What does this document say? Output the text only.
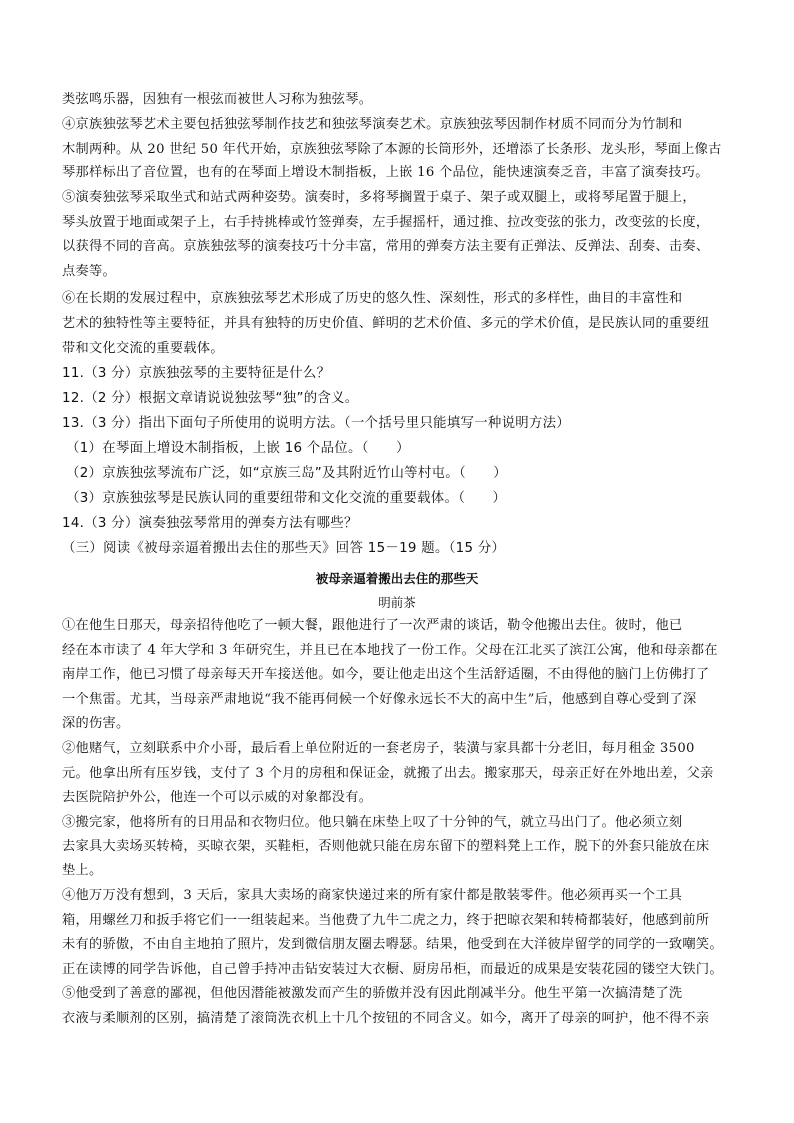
类弦鸣乐器，因独有一根弦而被世人习称为独弦琴。
④京族独弦琴艺术主要包括独弦琴制作技艺和独弦琴演奏艺术。京族独弦琴因制作材质不同而分为竹制和
木制两种。从 20 世纪 50 年代开始，京族独弦琴除了本源的长筒形外，还增添了长条形、龙头形，琴面上像古
琴那样标出了音位置，也有的在琴面上增设木制指板，上嵌 16 个品位，能快速演奏乏音，丰富了演奏技巧。
⑤演奏独弦琴采取坐式和站式两种姿势。演奏时，多将琴搁置于桌子、架子或双腿上，或将琴尾置于腿上，
琴头放置于地面或架子上，右手持挑棒或竹签弹奏，左手握摇杆，通过推、拉改变弦的张力，改变弦的长度，
以获得不同的音高。京族独弦琴的演奏技巧十分丰富，常用的弹奏方法主要有正弹法、反弹法、刮奏、击奏、
点奏等。
⑥在长期的发展过程中，京族独弦琴艺术形成了历史的悠久性、深刻性，形式的多样性，曲目的丰富性和
艺术的独特性等主要特征，并具有独特的历史价值、鲜明的艺术价值、多元的学术价值，是民族认同的重要纽
带和文化交流的重要载体。
11.（3 分）京族独弦琴的主要特征是什么？
12.（2 分）根据文章请说说独弦琴“独”的含义。
13.（3 分）指出下面句子所使用的说明方法。（一个括号里只能填写一种说明方法）
（1）在琴面上增设木制指板，上嵌 16 个品位。（　　）
（2）京族独弦琴流布广泛，如“京族三岛”及其附近竹山等村屯。（　　）
（3）京族独弦琴是民族认同的重要纽带和文化交流的重要载体。（　　）
14.（3 分）演奏独弦琴常用的弹奏方法有哪些？
（三）阅读《被母亲逼着搬出去住的那些天》回答 15－19 题。（15 分）
被母亲逼着搬出去住的那些天
明前茶
①在他生日那天，母亲招待他吃了一顿大餐，跟他进行了一次严肃的谈话，勒令他搬出去住。彼时，他已
经在本市读了 4 年大学和 3 年研究生，并且已在本地找了一份工作。父母在江北买了滨江公寓，他和母亲都在
南岸工作，他已习惯了母亲每天开车接送他。如今，要让他走出这个生活舒适圈，不由得他的脑门上仿佛打了
一个焦雷。尤其，当母亲严肃地说“我不能再伺候一个好像永远长不大的高中生”后，他感到自尊心受到了深
深的伤害。
②他赌气，立刻联系中介小哥，最后看上单位附近的一套老房子，装潢与家具都十分老旧，每月租金 3500
元。他拿出所有压岁钱，支付了 3 个月的房租和保证金，就搬了出去。搬家那天，母亲正好在外地出差，父亲
去医院陪护外公，他连一个可以示威的对象都没有。
③搬完家，他将所有的日用品和衣物归位。他只躺在床垫上叹了十分钟的气，就立马出门了。他必须立刻
去家具大卖场买转椅，买晾衣架，买鞋柜，否则他就只能在房东留下的塑料凳上工作，脱下的外套只能放在床
垫上。
④他万万没有想到，3 天后，家具大卖场的商家快递过来的所有家什都是散装零件。他必须再买一个工具
箱，用螺丝刀和扳手将它们一一组装起来。当他费了九牛二虎之力，终于把晾衣架和转椅都装好，他感到前所
未有的骄傲，不由自主地拍了照片，发到微信朋友圈去嘚瑟。结果，他受到在大洋彼岸留学的同学的一致嘲笑。
正在读博的同学告诉他，自己曾手持冲击钻安装过大衣橱、厨房吊柜，而最近的成果是安装花园的镂空大铁门。
⑤他受到了善意的鄙视，但他因潜能被激发而产生的骄傲并没有因此削减半分。他生平第一次搞清楚了洗
衣液与柔顺剂的区别，搞清楚了滚筒洗衣机上十几个按钮的不同含义。如今，离开了母亲的呵护，他不得不亲
